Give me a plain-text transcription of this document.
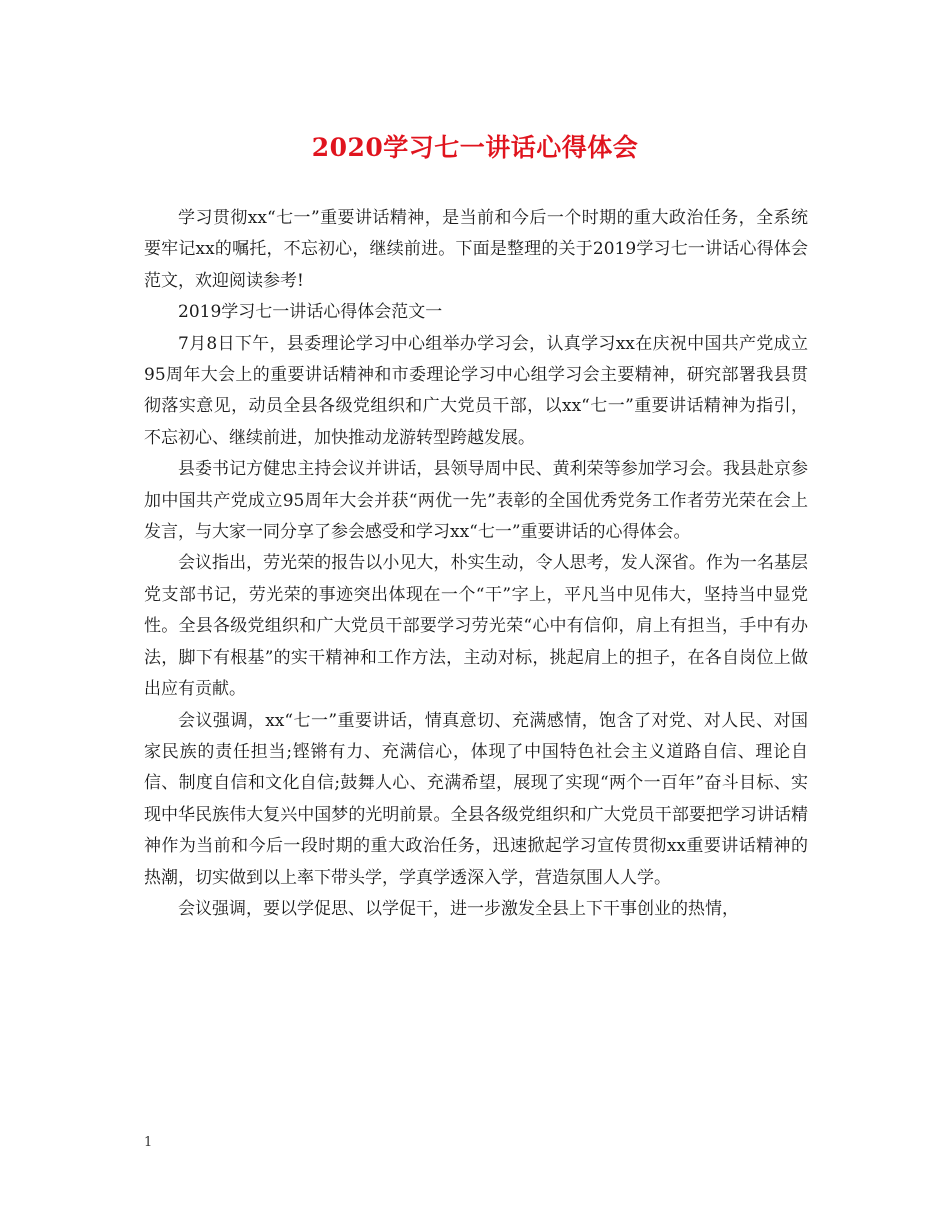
2020学习七一讲话心得体会

学习贯彻xx“七一”重要讲话精神，是当前和今后一个时期的重大政治任务，全系统要牢记xx的嘱托，不忘初心，继续前进。下面是整理的关于2019学习七一讲话心得体会范文，欢迎阅读参考!

2019学习七一讲话心得体会范文一

7月8日下午，县委理论学习中心组举办学习会，认真学习xx在庆祝中国共产党成立95周年大会上的重要讲话精神和市委理论学习中心组学习会主要精神，研究部署我县贯彻落实意见，动员全县各级党组织和广大党员干部，以xx“七一”重要讲话精神为指引，不忘初心、继续前进，加快推动龙游转型跨越发展。

县委书记方健忠主持会议并讲话，县领导周中民、黄利荣等参加学习会。我县赴京参加中国共产党成立95周年大会并获“两优一先”表彰的全国优秀党务工作者劳光荣在会上发言，与大家一同分享了参会感受和学习xx“七一”重要讲话的心得体会。

会议指出，劳光荣的报告以小见大，朴实生动，令人思考，发人深省。作为一名基层党支部书记，劳光荣的事迹突出体现在一个“干”字上，平凡当中见伟大，坚持当中显党性。全县各级党组织和广大党员干部要学习劳光荣“心中有信仰，肩上有担当，手中有办法，脚下有根基”的实干精神和工作方法，主动对标，挑起肩上的担子，在各自岗位上做出应有贡献。

会议强调，xx“七一”重要讲话，情真意切、充满感情，饱含了对党、对人民、对国家民族的责任担当;铿锵有力、充满信心，体现了中国特色社会主义道路自信、理论自信、制度自信和文化自信;鼓舞人心、充满希望，展现了实现“两个一百年”奋斗目标、实现中华民族伟大复兴中国梦的光明前景。全县各级党组织和广大党员干部要把学习讲话精神作为当前和今后一段时期的重大政治任务，迅速掀起学习宣传贯彻xx重要讲话精神的热潮，切实做到以上率下带头学，学真学透深入学，营造氛围人人学。

会议强调，要以学促思、以学促干，进一步激发全县上下干事创业的热情，

1
